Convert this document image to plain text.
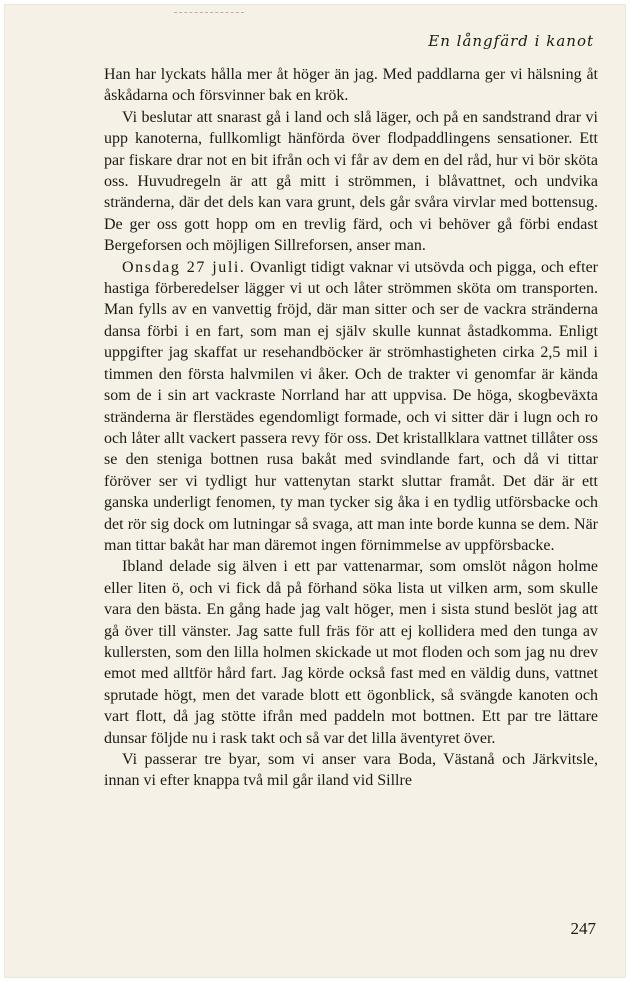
En långfärd i kanot

Han har lyckats hålla mer åt höger än jag. Med paddlarna ger vi hälsning åt åskådarna och försvinner bak en krök.

Vi beslutar att snarast gå i land och slå läger, och på en sandstrand drar vi upp kanoterna, fullkomligt hänförda över flodpaddlingens sensationer. Ett par fiskare drar not en bit ifrån och vi får av dem en del råd, hur vi bör sköta oss. Huvudregeln är att gå mitt i strömmen, i blåvattnet, och undvika stränderna, där det dels kan vara grunt, dels går svåra virvlar med bottensug. De ger oss gott hopp om en trevlig färd, och vi behöver gå förbi endast Bergeforsen och möjligen Sillreforsen, anser man.

Onsdag 27 juli. Ovanligt tidigt vaknar vi utsövda och pigga, och efter hastiga förberedelser lägger vi ut och låter strömmen sköta om transporten. Man fylls av en vanvettig fröjd, där man sitter och ser de vackra stränderna dansa förbi i en fart, som man ej själv skulle kunnat åstadkomma. Enligt uppgifter jag skaffat ur resehandböcker är strömhastigheten cirka 2,5 mil i timmen den första halvmilen vi åker. Och de trakter vi genomfar är kända som de i sin art vackraste Norrland har att uppvisa. De höga, skogbeväxta stränderna är flerstädes egendomligt formade, och vi sitter där i lugn och ro och låter allt vackert passera revy för oss. Det kristallklara vattnet tillåter oss se den steniga bottnen rusa bakåt med svindlande fart, och då vi tittar föröver ser vi tydligt hur vattenytan starkt sluttar framåt. Det där är ett ganska underligt fenomen, ty man tycker sig åka i en tydlig utförsbacke och det rör sig dock om lutningar så svaga, att man inte borde kunna se dem. När man tittar bakåt har man däremot ingen förnimmelse av uppförsbacke.

Ibland delade sig älven i ett par vattenarmar, som omslöt någon holme eller liten ö, och vi fick då på förhand söka lista ut vilken arm, som skulle vara den bästa. En gång hade jag valt höger, men i sista stund beslöt jag att gå över till vänster. Jag satte full fräs för att ej kollidera med den tunga av kullersten, som den lilla holmen skickade ut mot floden och som jag nu drev emot med alltför hård fart. Jag körde också fast med en väldig duns, vattnet sprutade högt, men det varade blott ett ögonblick, så svängde kanoten och vart flott, då jag stötte ifrån med paddeln mot bottnen. Ett par tre lättare dunsar följde nu i rask takt och så var det lilla äventyret över.

Vi passerar tre byar, som vi anser vara Boda, Västanå och Järkvitsle, innan vi efter knappa två mil går iland vid Sillre

247
